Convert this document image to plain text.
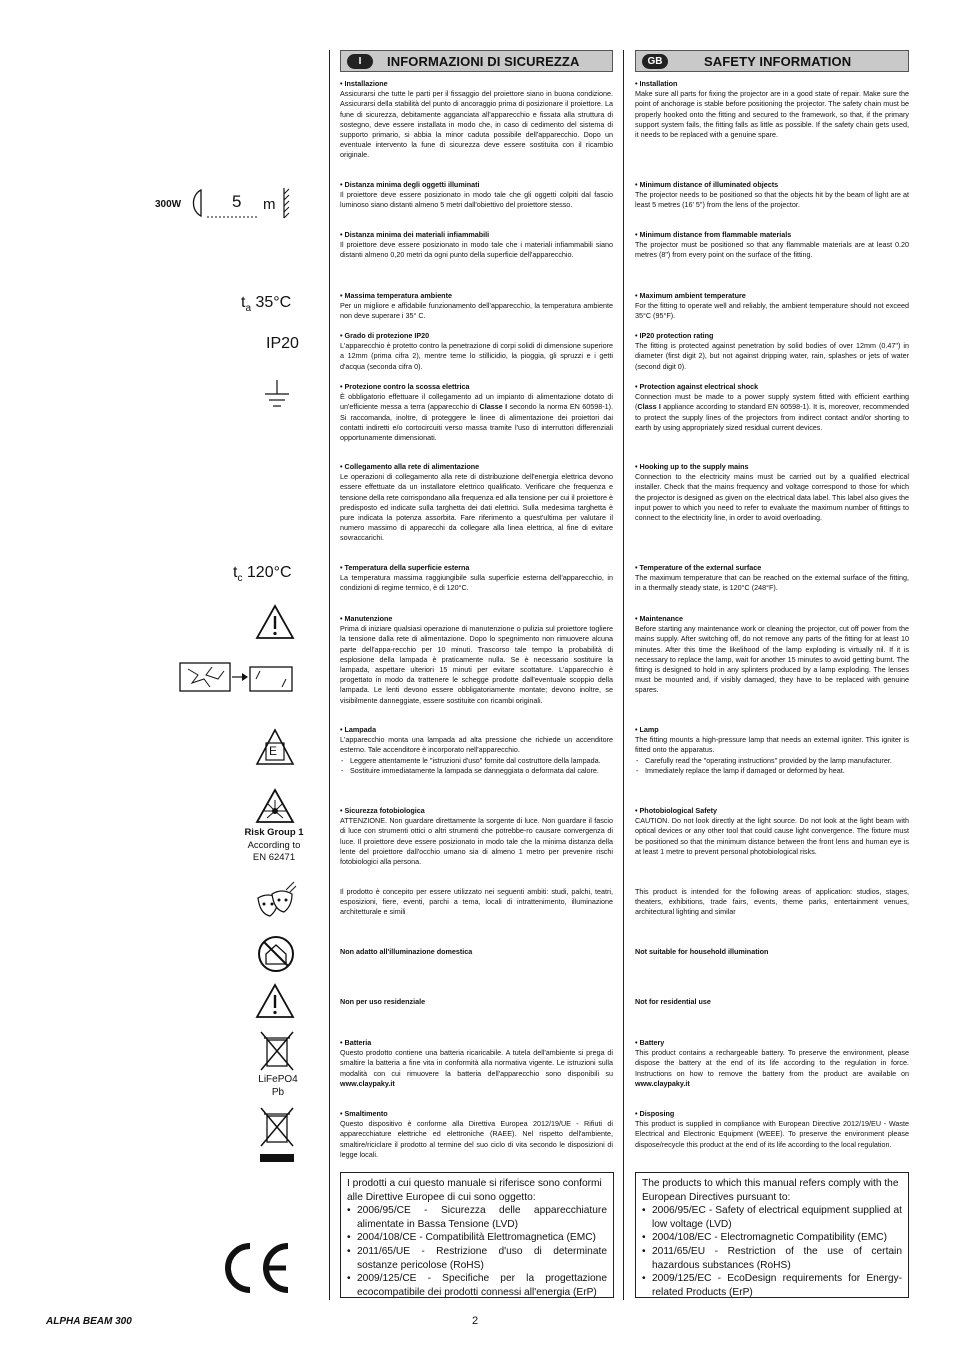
I	INFORMAZIONI DI SICUREZZA	GB	SAFETY INFORMATION
300W	5 m
$t_a$ 35°C
IP20
$t_c$ 120°C
E
Risk Group 1
According to
EN 62471
LiFePO4
Pb
• Installazione

Assicurarsi che tutte le parti per il fissaggio del proiettore siano in buona condizione. Assicurarsi della stabilità del punto di ancoraggio prima di posizionare il proiettore. La fune di sicurezza, debitamente agganciata all'apparecchio e fissata alla struttura di sostegno, deve essere installata in modo che, in caso di cedimento del sistema di supporto primario, si abbia la minor caduta possibile dell'apparecchio. Dopo un eventuale intervento la fune di sicurezza deve essere sostituita con il ricambio originale.

• Distanza minima degli oggetti illuminati

Il proiettore deve essere posizionato in modo tale che gli oggetti colpiti dal fascio luminoso siano distanti almeno 5 metri dall'obiettivo del proiettore stesso.

• Distanza minima dei materiali infiammabili

Il proiettore deve essere posizionato in modo tale che i materiali infiammabili siano distanti almeno 0,20 metri da ogni punto della superficie dell'apparecchio.

• Massima temperatura ambiente

Per un migliore e affidabile funzionamento dell'apparecchio, la temperatura ambiente non deve superare i 35° C.

• Grado di protezione IP20

L'apparecchio è protetto contro la penetrazione di corpi solidi di dimensione superiore a 12mm (prima cifra 2), mentre teme lo stillicidio, la pioggia, gli spruzzi e i getti d'acqua (seconda cifra 0).

• Protezione contro la scossa elettrica

È obbligatorio effettuare il collegamento ad un impianto di alimentazione dotato di un'efficiente messa a terra (apparecchio di Classe I secondo la norma EN 60598-1). Si raccomanda, inoltre, di proteggere le linee di alimentazione dei proiettori dai contatti indiretti e/o cortocircuiti verso massa tramite l'uso di interruttori differenziali opportunamente dimensionati.

• Collegamento alla rete di alimentazione

Le operazioni di collegamento alla rete di distribuzione dell'energia elettrica devono essere effettuate da un installatore elettrico qualificato. Verificare che frequenza e tensione della rete corrispondano alla frequenza ed alla tensione per cui il proiettore è predisposto ed indicate sulla targhetta dei dati elettrici. Sulla medesima targhetta è pure indicata la potenza assorbita. Fare riferimento a quest'ultima per valutare il numero massimo di apparecchi da collegare alla linea elettrica, al fine di evitare sovraccarichi.

• Temperatura della superficie esterna

La temperatura massima raggiungibile sulla superficie esterna dell'apparecchio, in condizioni di regime termico, è di 120°C.

• Manutenzione

Prima di iniziare qualsiasi operazione di manutenzione o pulizia sul proiettore togliere la tensione dalla rete di alimentazione. Dopo lo spegnimento non rimuovere alcuna parte dell'appa-recchio per 10 minuti. Trascorso tale tempo la probabilità di esplosione della lampada è praticamente nulla. Se è necessario sostituire la lampada, aspettare ulteriori 15 minuti per evitare scottature. L'apparecchio è progettato in modo da trattenere le schegge prodotte dall'eventuale scoppio della lampada. Le lenti devono essere obbligatoriamente montate; devono inoltre, se visibilmente danneggiate, essere sostituite con ricambi originali.

• Lampada

L'apparecchio monta una lampada ad alta pressione che richiede un accenditore esterno. Tale accenditore è incorporato nell'apparecchio.

- Leggere attentamente le "istruzioni d'uso" fornite dal costruttore della lampada.
- Sostituire immediatamente la lampada se danneggiata o deformata dal calore.
• Sicurezza fotobiologica

ATTENZIONE. Non guardare direttamente la sorgente di luce. Non guardare il fascio di luce con strumenti ottici o altri strumenti che potrebbe-ro causare convergenza di luce. Il proiettore deve essere posizionato in modo tale che la minima distanza della lente del proiettore dall'occhio umano sia di almeno 1 metro per prevenire rischi fotobiologici alla persona.

Il prodotto è concepito per essere utilizzato nei seguenti ambiti: studi, palchi, teatri, esposizioni, fiere, eventi, parchi a tema, locali di intrattenimento, illuminazione architetturale e simili

Non adatto all'illuminazione domestica

Non per uso residenziale

• Batteria

Questo prodotto contiene una batteria ricaricabile. A tutela dell'ambiente si prega di smaltire la batteria a fine vita in conformità alla normativa vigente. Le istruzioni sulla modalità con cui rimuovere la batteria dell'apparecchio sono disponibili su www.claypaky.it

• Smaltimento

Questo dispositivo è conforme alla Direttiva Europea 2012/19/UE - Rifiuti di apparecchiature elettriche ed elettroniche (RAEE). Nel rispetto dell'ambiente, smaltire/riciclare il prodotto al termine del suo ciclo di vita secondo le disposizioni di legge locali.

I prodotti a cui questo manuale si riferisce sono conformi alle Direttive Europee di cui sono oggetto:
• 2006/95/CE - Sicurezza delle apparecchiature alimentate in Bassa Tensione (LVD)
• 2004/108/CE - Compatibilità Elettromagnetica (EMC)
• 2011/65/UE - Restrizione d'uso di determinate sostanze pericolose (RoHS)
• 2009/125/CE - Specifiche per la progettazione ecocompatibile dei prodotti connessi all'energia (ErP)
• Installation

Make sure all parts for fixing the projector are in a good state of repair. Make sure the point of anchorage is stable before positioning the projector. The safety chain must be properly hooked onto the fitting and secured to the framework, so that, if the primary support system fails, the fitting falls as little as possible. If the safety chain gets used, it needs to be replaced with a genuine spare.

• Minimum distance of illuminated objects

The projector needs to be positioned so that the objects hit by the beam of light are at least 5 metres (16' 5") from the lens of the projector.

• Minimum distance from flammable materials

The projector must be positioned so that any flammable materials are at least 0.20 metres (8") from every point on the surface of the fitting.

• Maximum ambient temperature

For the fitting to operate well and reliably, the ambient temperature should not exceed 35°C (95°F).

• IP20 protection rating

The fitting is protected against penetration by solid bodies of over 12mm (0.47") in diameter (first digit 2), but not against dripping water, rain, splashes or jets of water (second digit 0).

• Protection against electrical shock

Connection must be made to a power supply system fitted with efficient earthing (Class I appliance according to standard EN 60598-1). It is, moreover, recommended to protect the supply lines of the projectors from indirect contact and/or shorting to earth by using appropriately sized residual current devices.

• Hooking up to the supply mains

Connection to the electricity mains must be carried out by a qualified electrical installer. Check that the mains frequency and voltage correspond to those for which the projector is designed as given on the electrical data label. This label also gives the input power to which you need to refer to evaluate the maximum number of fittings to connect to the electricity line, in order to avoid overloading.

• Temperature of the external surface

The maximum temperature that can be reached on the external surface of the fitting, in a thermally steady state, is 120°C (248°F).

• Maintenance

Before starting any maintenance work or cleaning the projector, cut off power from the mains supply. After switching off, do not remove any parts of the fitting for at least 10 minutes. After this time the likelihood of the lamp exploding is virtually nil. If it is necessary to replace the lamp, wait for another 15 minutes to avoid getting burnt. The fitting is designed to hold in any splinters produced by a lamp exploding. The lenses must be mounted and, if visibly damaged, they have to be replaced with genuine spares.

• Lamp

The fitting mounts a high-pressure lamp that needs an external igniter. This igniter is fitted onto the apparatus.

- Carefully read the "operating instructions" provided by the lamp manufacturer.
- Immediately replace the lamp if damaged or deformed by heat.
• Photobiological Safety

CAUTION. Do not look directly at the light source. Do not look at the light beam with optical devices or any other tool that could cause light convergence. The fixture must be positioned so that the minimum distance between the front lens and human eye is at least 1 metre to prevent personal photobiological risks.

This product is intended for the following areas of application: studios, stages, theaters, exhibitions, trade fairs, events, theme parks, entertainment venues, architectural lighting and similar

Not suitable for household illumination

Not for residential use

• Battery

This product contains a rechargeable battery. To preserve the environment, please dispose the battery at the end of its life according to the regulation in force. Instructions on how to remove the battery from the product are available on www.claypaky.it

• Disposing

This product is supplied in compliance with European Directive 2012/19/EU - Waste Electrical and Electronic Equipment (WEEE). To preserve the environment please dispose/recycle this product at the end of its life according to the local regulation.

The products to which this manual refers comply with the European Directives pursuant to:
• 2006/95/EC - Safety of electrical equipment supplied at low voltage (LVD)
• 2004/108/EC - Electromagnetic Compatibility (EMC)
• 2011/65/EU - Restriction of the use of certain hazardous substances (RoHS)
• 2009/125/EC - EcoDesign requirements for Energy-related Products (ErP)
ALPHA BEAM 300	2
